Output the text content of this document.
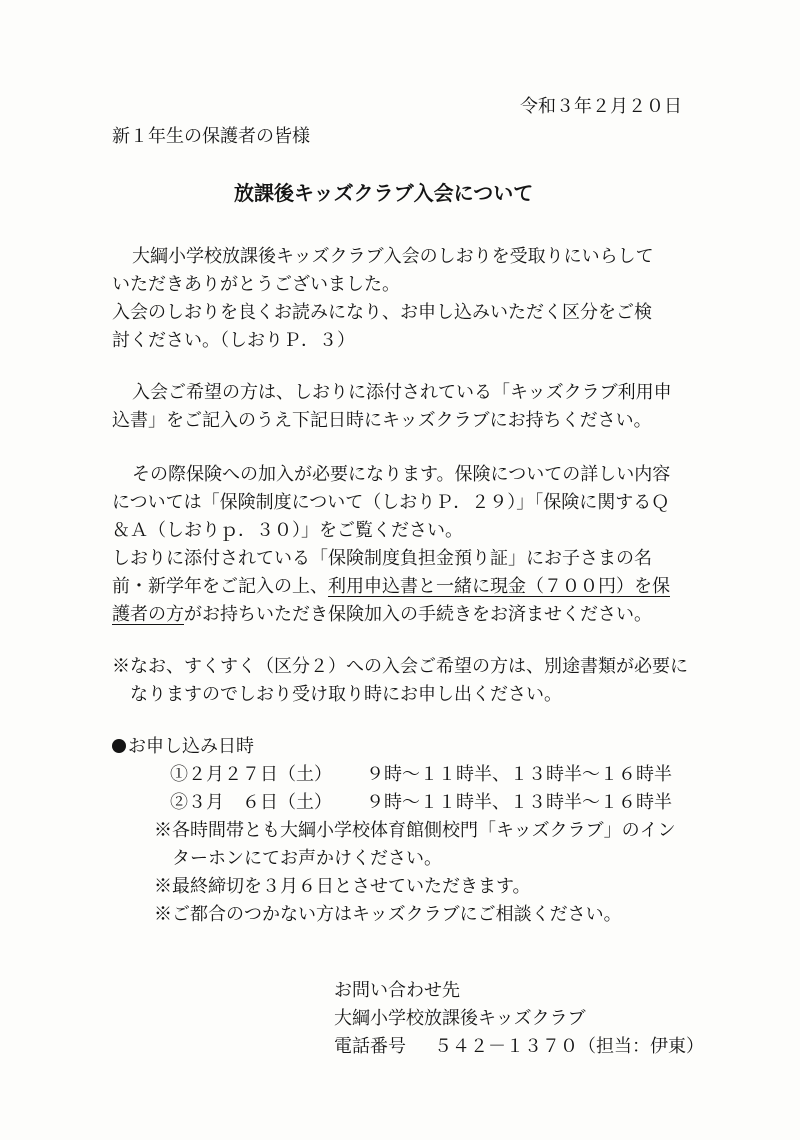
令和３年２月２０日
新１年生の保護者の皆様
放課後キッズクラブ入会について
大綱小学校放課後キッズクラブ入会のしおりを受取りにいらして
いただきありがとうございました。
入会のしおりを良くお読みになり、お申し込みいただく区分をご検
討ください。（しおりＰ．３）
入会ご希望の方は、しおりに添付されている「キッズクラブ利用申
込書」をご記入のうえ下記日時にキッズクラブにお持ちください。
その際保険への加入が必要になります。保険についての詳しい内容
については「保険制度について（しおりＰ．２９）」「保険に関するＱ
＆Ａ（しおりｐ．３０）」をご覧ください。
しおりに添付されている「保険制度負担金預り証」にお子さまの名
前・新学年をご記入の上、利用申込書と一緒に現金（７００円）を保
護者の方がお持ちいただき保険加入の手続きをお済ませください。
※なお、すくすく（区分２）への入会ご希望の方は、別途書類が必要に
なりますのでしおり受け取り時にお申し出ください。
お申し込み日時
①２月２７日（土） ９時～１１時半、１３時半～１６時半
②３月　６日（土） ９時～１１時半、１３時半～１６時半
※各時間帯とも大綱小学校体育館側校門「キッズクラブ」のイン
ターホンにてお声かけください。
※最終締切を３月６日とさせていただきます。
※ご都合のつかない方はキッズクラブにご相談ください。
お問い合わせ先
大綱小学校放課後キッズクラブ
電話番号 ５４２－１３７０（担当：伊東）
